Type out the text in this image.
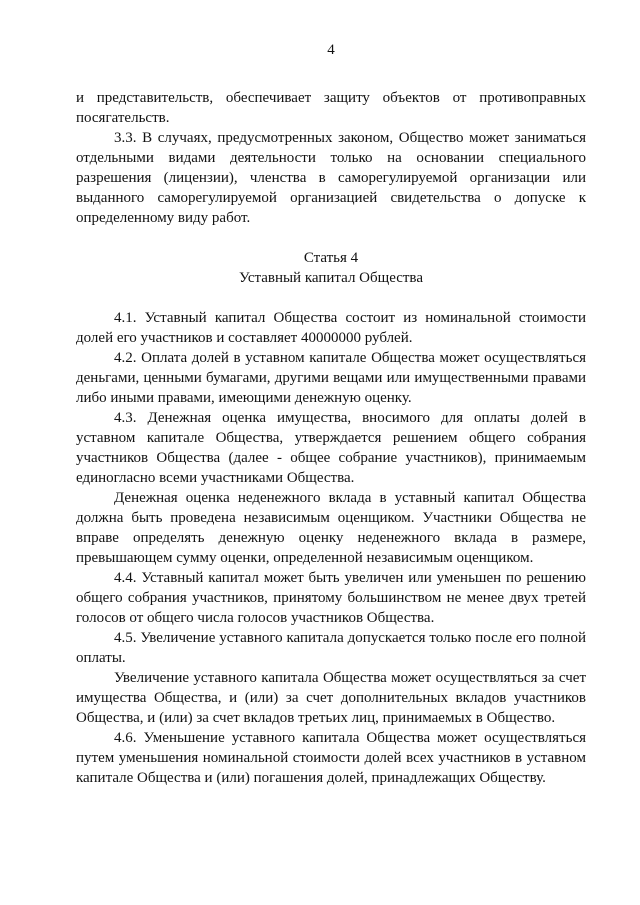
4

и представительств, обеспечивает защиту объектов от противоправных посягательств.

3.3. В случаях, предусмотренных законом, Общество может заниматься отдельными видами деятельности только на основании специального разрешения (лицензии), членства в саморегулируемой организации или выданного саморегулируемой организацией свидетельства о допуске к определенному виду работ.

Статья 4
Уставный капитал Общества

4.1. Уставный капитал Общества состоит из номинальной стоимости долей его участников и составляет 40000000 рублей.

4.2. Оплата долей в уставном капитале Общества может осуществляться деньгами, ценными бумагами, другими вещами или имущественными правами либо иными правами, имеющими денежную оценку.

4.3. Денежная оценка имущества, вносимого для оплаты долей в уставном капитале Общества, утверждается решением общего собрания участников Общества (далее - общее собрание участников), принимаемым единогласно всеми участниками Общества.

Денежная оценка неденежного вклада в уставный капитал Общества должна быть проведена независимым оценщиком. Участники Общества не вправе определять денежную оценку неденежного вклада в размере, превышающем сумму оценки, определенной независимым оценщиком.

4.4. Уставный капитал может быть увеличен или уменьшен по решению общего собрания участников, принятому большинством не менее двух третей голосов от общего числа голосов участников Общества.

4.5. Увеличение уставного капитала допускается только после его полной оплаты.

Увеличение уставного капитала Общества может осуществляться за счет имущества Общества, и (или) за счет дополнительных вкладов участников Общества, и (или) за счет вкладов третьих лиц, принимаемых в Общество.

4.6. Уменьшение уставного капитала Общества может осуществляться путем уменьшения номинальной стоимости долей всех участников в уставном капитале Общества и (или) погашения долей, принадлежащих Обществу.
